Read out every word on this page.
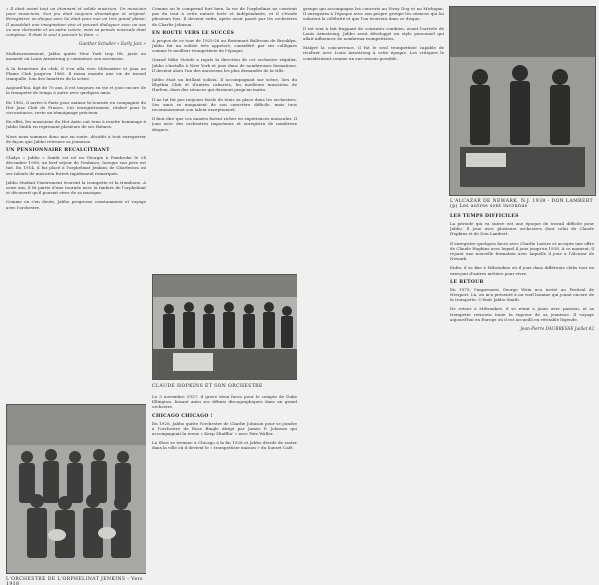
« Il était avant tout un étonnant et solide musicien. Un musicien pour musiciens. Son jeu était toujours dramatique et original. Enregistrer un disque avec lui était pour moi un très grand plaisir. Il possédait une imagination vive et pouvait dialoguer avec un sax ou une clarinette et un autre cuivre, mais sa pensée musicale était complexe. Il était le seul à pouvoir le faire. »

Gunther Schuller « Early Jazz »

Malheureusement, Jabbo quitte New York trop tôt, juste au moment où Louis Armstrong y commence son ascension.

A la fermeture du club, il s'en alla vers Milwaukee et joua au Flame Club jusqu'en 1960. Il mena ensuite une vie de travail tranquille, loin des lumières de la scène.

Aujourd'hui, âgé de 70 ans, il est toujours en vie et joue encore de la trompette de temps à autre avec quelques amis.

En 1962, il arrive à Paris pour animer la tournée en compagnie du Hot Jazz Club de France. Cet enregistrement, réalisé pour la circonstance, reste un témoignage précieux.

En effet, les musiciens du Hot Antic ont tenu à rendre hommage à Jabbo Smith en reprenant plusieurs de ses thèmes.

Nous nous sommes donc mis en route, décidés à tout enregistrer de façon que Jabbo retrouve sa jeunesse.

UN PENSIONNAIRE RECALCITRANT

Cladys « Jabbo » Smith est né en Géorgie à Pembroke le 24 décembre 1908, un bref séjour de l'enfance, lorsque son père est tué. En 1914, il fut placé à l'orphelinat Jenkins de Charleston où ses talents de musicien furent rapidement remarqués.

Jabbo étudiait l'instrument trouvait la trompette et la trombone. A seize ans, il fit partie d'une tournée avec la fanfare de l'orphelinat et découvrit qu'il pouvait vivre de sa musique.

Comme on s'en doute, Jabbo progresse constamment et voyage avec l'orchestre.

L'ORCHESTRE DE L'ORPHELINAT JENKINS - Vers 1918

Comme on le comprend fort bien, la vie de l'orphelinat ne convient pas du tout à cette nature forte et indépendante, et il s'évade plusieurs fois. Il devient enfin, après avoir passé par les orchestres de Charlie Johnson.

EN ROUTE VERS LE SUCCÈS

À propos de ce tour de 1925-26 au Rosemont Ballroom de Brooklyn, Jabbo fut un soliste très apprécié, considéré par ses collègues comme le meilleur trompettiste de l'époque.

Quand Mike Vistofs a repris la direction de cet orchestre régulier, Jabbo s'installe à New York et joue dans de nombreuses formations. Il devient alors l'un des musiciens les plus demandés de la ville.

Jabbo était un brillant solista. Il accompagnait sur scène, lors du Rhythm Club et d'autres cabarets, les meilleurs musiciens de Harlem, dans des séances qui duraient jusqu'au matin.

Il ne lui fut pas toujours facile de tenir sa place dans les orchestres. Ses amis se moquaient de son caractère difficile, mais tous reconnaissaient son talent exceptionnel.

Il faut dire que ces années furent riches en expériences musicales. Il joua avec des orchestres importants et enregistra de nombreux disques.

CLAUDE HOPKINS ET SON ORCHESTRE

Le 3 novembre 1927, il grave deux faces pour le compte de Duke Ellington, faisant ainsi ses débuts discographiques dans un grand orchestre.

CHICAGO CHICAGO !

En 1928, Jabbo quitte l'orchestre de Charlie Johnson pour se joindre à l'orchestre de Rose Bingle dirigé par James P. Johnson qui accompagnait la revue « Keep Shufflin' » avec Fats Waller.

La Shoe se termine à Chicago à la fin 1928 et Jabbo décide de rester dans la ville où il devient le « trompettiste maison » du Sunset Café.

L'ALCAZAR DE NEWARK, N.J. 1938 - DON LAMBERT (p) Les autres sont inconnus

groupe qui accompagne les concerts au Stray Dog et au Michigan. Il enregistra à l'époque avec son propre groupe les séances qui lui valurent la célébrité et que l'on trouvera dans ce disque.

Il est tout à fait frappant de constater combien, avant l'arrivée de Louis Armstrong, Jabbo avait développé un style personnel qui allait influencer de nombreux trompettistes.

Malgré la concurrence, il fut le seul trompettiste capable de rivaliser avec Louis Armstrong à cette époque. Les critiques le considéraient comme un successeur possible.

LES TEMPS DIFFICILES

La période qui va suivre est une époque de travail difficile pour Jabbo. Il joue avec plusieurs orchestres dont celui de Claude Hopkins et de Don Lambert.

Il enregistre quelques faces avec Charlie Lavere et accepte une offre de Claude Hopkins avec lequel il joue jusqu'en 1938. A ce moment, il rejoint une nouvelle formation avec laquelle il joue à l'Alcazar de Newark.

Enfin, il se fixe à Milwaukee où il joue dans différents clubs tout en exerçant d'autres métiers pour vivre.

LE RETOUR

En 1975, l'impresario George Wein m'a invité au Festival de Newport. Là, on m'a présenté à un vieil homme qui jouait encore de la trompette. C'était Jabbo Smith.

De retour à Milwaukee, il se remit à jouer avec passion, et sa trompette retrouva toute la vigueur de sa jeunesse. Il voyage aujourd'hui en Europe où il est accueilli en véritable légende.

Jean-Pierre DAUBRESSE Juillet 82
